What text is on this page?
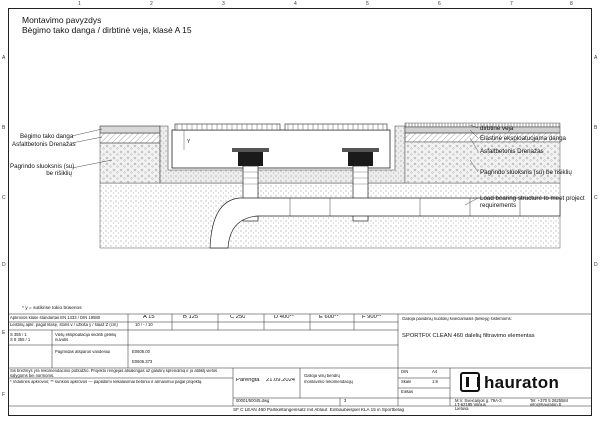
1	2	3	4	5	6	7	8
A
B
C
D
E
F
A
B
C
D
Montavimo pavyzdys
Bėgimo tako danga / dirbtinė veja, klasė A 15
Y
Bėgimo tako danga
Asfaltbetonis Drenažas
Pagrindo sluoksnis (su)
be rišiklių
dirbtinė veja
Elastinė eksploatuojama danga
Asfaltbetonis Drenažas
Pagrindo sluoksnis (su) be rišiklių
Load bearing structure to meet project
requirements
* y = sutikrisе tokio būsenos
Apkrovos klasė standartas EN 1433 / DIN 19580	A 15	B 125	C 250	D 400**	E 600**	F 900**
Leistinų apkr. pagal klasę, storis v / užkiša y / šlaaž Z (cm)	10 / - / 10
S 355 / 1
S 8 355 / 1
Vietų eksploatacija sėdinti gėlelių nuvutis
Pagrindas atsparus vandeniui	E0606.00
E0606.373
Šis brėžinys yra rekomendacinio pobūdžio. Projekto rengėjas atsakingas už galutinį sprendimą ir jo atitiktį vietos sąlygoms bei normoms.
* Vidutinės apkrovos; ** sunkios apkrovos — papildomi reikalavimai betonui ir armavimui pagal projektą.
Galioja pavidinių nuotolių šviečiamasis (tiekėjų) sistemoms:
SPORTFIX CLEAN 460 dalelių filtravimo elementas
Parengta 21.09.2024
Galioja visų bendrų
montavimo rekomendacijų
00001/50045.dwg	3
DIN	A4
Skalė	1:8
Eilišas	hauraton
M.V. Šveicarijos g. 79A-3
LT-62185 Vilnius
Lietuva
Tel: +370 5 2625584
info@hauraton.lt
SF C LEAN 460 Partikelfangeinsatz mit Ablauf. Einbaubeispiel KLA 15 in Sportbelag
